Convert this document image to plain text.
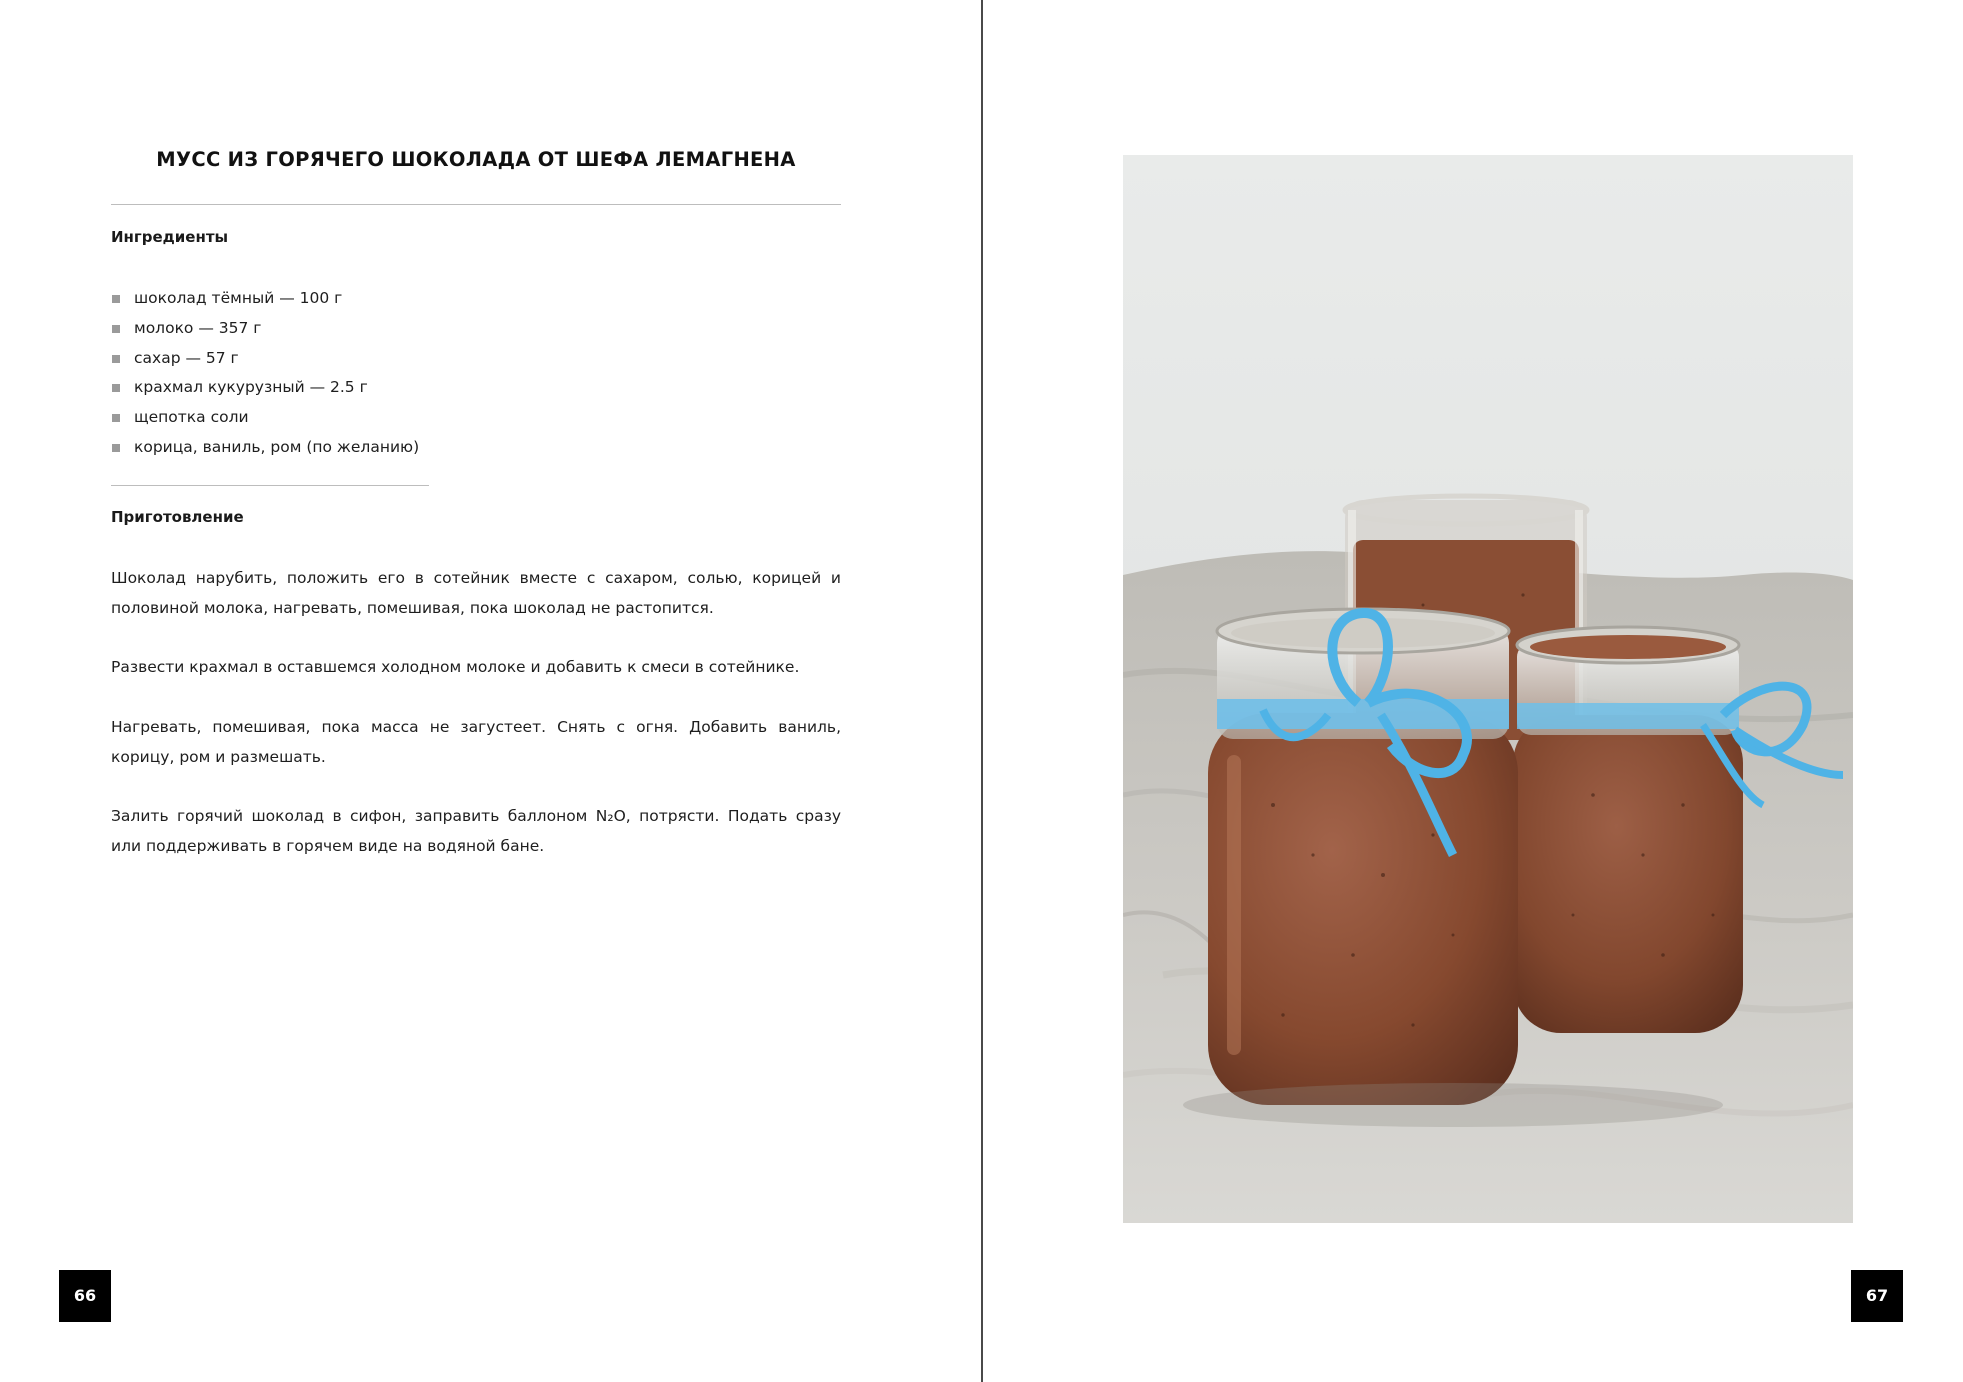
МУСС ИЗ ГОРЯЧЕГО ШОКОЛАДА ОТ ШЕФА ЛЕМАГНЕНА
Ингредиенты
шоколад тёмный — 100 г
молоко — 357 г
сахар — 57 г
крахмал кукурузный — 2.5 г
щепотка соли
корица, ваниль, ром (по желанию)
Приготовление

Шоколад нарубить, положить его в сотейник вместе с сахаром, солью, корицей и половиной молока, нагревать, помешивая, пока шоколад не растопится.

Развести крахмал в оставшемся холодном молоке и добавить к смеси в сотейнике.

Нагревать, помешивая, пока масса не загустеет. Снять с огня. Добавить ваниль, корицу, ром и размешать.

Залить горячий шоколад в сифон, заправить баллоном N₂O, потрясти. Подать сразу или поддерживать в горячем виде на водяной бане.

66	67
